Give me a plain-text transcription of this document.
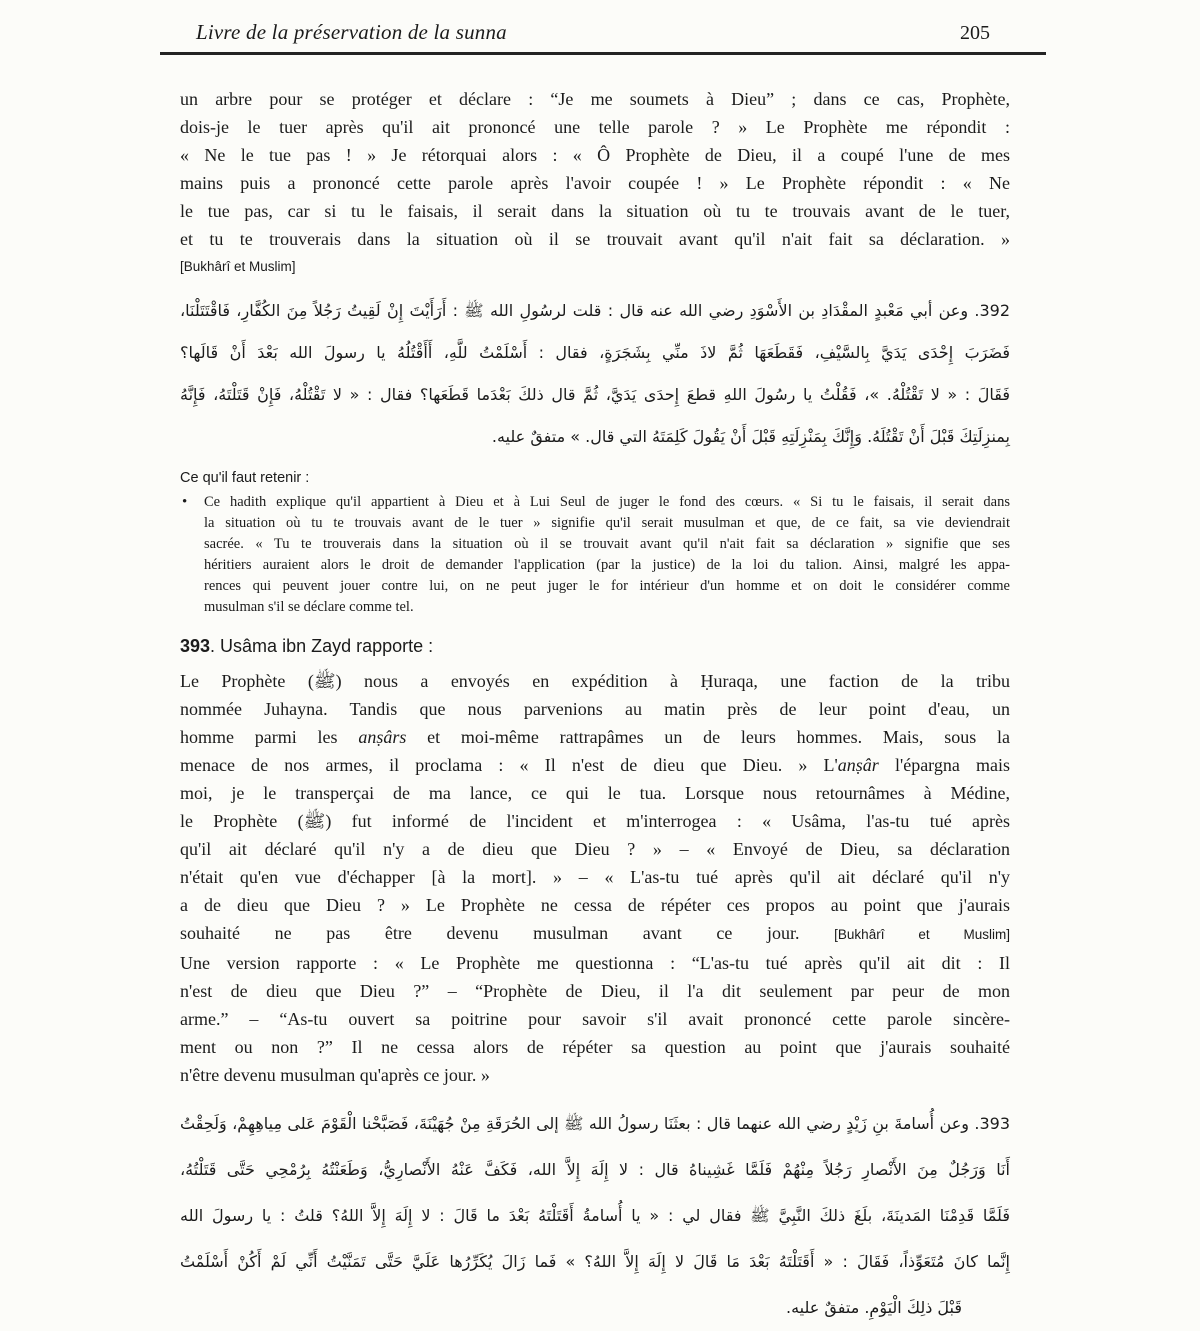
Livre de la préservation de la sunna	205
un arbre pour se protéger et déclare : “Je me soumets à Dieu” ; dans ce cas, Prophète,
dois-je le tuer après qu'il ait prononcé une telle parole ? » Le Prophète me répondit :
« Ne le tue pas ! » Je rétorquai alors : « Ô Prophète de Dieu, il a coupé l'une de mes
mains puis a prononcé cette parole après l'avoir coupée ! » Le Prophète répondit : « Ne
le tue pas, car si tu le faisais, il serait dans la situation où tu te trouvais avant de le tuer,
et tu te trouverais dans la situation où il se trouvait avant qu'il n'ait fait sa déclaration. »
[Bukhârî et Muslim]
392. وعن أبي مَعْبدٍ المقْدَادِ بن الأَسْوَدِ رضي الله عنه قال : قلت لرسُولِ الله ﷺ : أَرَأَيْتَ إِنْ لَقِيتُ رَجُلاً مِنَ الكُفَّارِ، فَاقْتَتَلْنَا،
فَضَرَبَ إِحْدَى يَدَيَّ بِالسَّيْفِ، فَقَطَعَهَا ثُمَّ لاذَ منِّي بِشَجَرَةٍ، فقال : أَسْلَمْتُ للَّهِ، أَأَقْتُلُهُ يا رسولَ الله بَعْدَ أَنْ قَالَها؟
فَقَالَ : « لا تَقْتُلْهُ. »، فَقُلْتُ يا رسُولَ اللهِ قطعَ إِحدَى يَدَيَّ، ثُمَّ قال ذلكَ بَعْدَما قَطَعَها؟ فقال : « لا تَقْتُلْهُ، فَإِنْ قَتَلْتَهُ، فَإِنَّهُ
بِمنزِلَتِكَ قَبْلَ أَنْ تَقْتُلَهُ. وَإِنَّكَ بِمَنْزِلَتِهِ قَبْلَ أَنْ يَقُولَ كَلِمَتَهُ التي قال. » متفقٌ عليه.
Ce qu'il faut retenir :
•	Ce hadith explique qu'il appartient à Dieu et à Lui Seul de juger le fond des cœurs. « Si tu le faisais, il serait dans
la situation où tu te trouvais avant de le tuer » signifie qu'il serait musulman et que, de ce fait, sa vie deviendrait
sacrée. « Tu te trouverais dans la situation où il se trouvait avant qu'il n'ait fait sa déclaration » signifie que ses
héritiers auraient alors le droit de demander l'application (par la justice) de la loi du talion. Ainsi, malgré les appa-
rences qui peuvent jouer contre lui, on ne peut juger le for intérieur d'un homme et on doit le considérer comme
musulman s'il se déclare comme tel.
393. Usâma ibn Zayd rapporte :
Le Prophète (ﷺ) nous a envoyés en expédition à Ḥuraqa, une faction de la tribu
nommée Juhayna. Tandis que nous parvenions au matin près de leur point d'eau, un
homme parmi les anṣârs et moi-même rattrapâmes un de leurs hommes. Mais, sous la
menace de nos armes, il proclama : « Il n'est de dieu que Dieu. » L'anṣâr l'épargna mais
moi, je le transperçai de ma lance, ce qui le tua. Lorsque nous retournâmes à Médine,
le Prophète (ﷺ) fut informé de l'incident et m'interrogea : « Usâma, l'as-tu tué après
qu'il ait déclaré qu'il n'y a de dieu que Dieu ? » – « Envoyé de Dieu, sa déclaration
n'était qu'en vue d'échapper [à la mort]. » – « L'as-tu tué après qu'il ait déclaré qu'il n'y
a de dieu que Dieu ? » Le Prophète ne cessa de répéter ces propos au point que j'aurais
souhaité ne pas être devenu musulman avant ce jour. [Bukhârî et Muslim]
Une version rapporte : « Le Prophète me questionna : “L'as-tu tué après qu'il ait dit : Il
n'est de dieu que Dieu ?” – “Prophète de Dieu, il l'a dit seulement par peur de mon
arme.” – “As-tu ouvert sa poitrine pour savoir s'il avait prononcé cette parole sincère-
ment ou non ?” Il ne cessa alors de répéter sa question au point que j'aurais souhaité
n'être devenu musulman qu'après ce jour. »
393. وعن أُسامةَ بنِ زَيْدٍ رضي الله عنهما قال : بعثَنَا رسولُ الله ﷺ إلى الحُرَقَةِ مِنْ جُهَيْنَةَ، فَصَبَّحْنا الْقَوْمَ عَلى مِياهِهِمْ، وَلَحِقْتُ
أَنَا وَرَجُلٌ مِنَ الأَنْصارِ رَجُلاً مِنْهُمْ فَلَمَّا غَشِيناهُ قال : لا إِلَهَ إِلاَّ الله، فَكَفَّ عَنْهُ الأَنْصارِيُّ، وَطَعَنْتُهُ بِرُمْحِي حَتَّى قَتَلْتُهُ،
فَلَمَّا قَدِمْنَا المَدينَةَ، بلَغَ ذلكَ النَّبِيَّ ﷺ فقال لي : « يا أُسامةُ أَقَتَلْتَهُ بَعْدَ ما قَالَ : لا إِلَهَ إِلاَّ اللهُ؟ قلتُ : يا رسولَ الله
إِنَّما كانَ مُتَعَوِّذاً، فَقَالَ : « أَقَتَلْتَهُ بَعْدَ مَا قَالَ لا إِلَهَ إِلاَّ اللهُ؟ » فَما زَالَ يُكَرِّرُها عَلَيَّ حَتَّى تَمَنَّيْتُ أَنِّي لَمْ أَكُنْ أَسْلَمْتُ
قَبْلَ ذلِكَ الْيَوْمِ. متفقٌ عليه.
